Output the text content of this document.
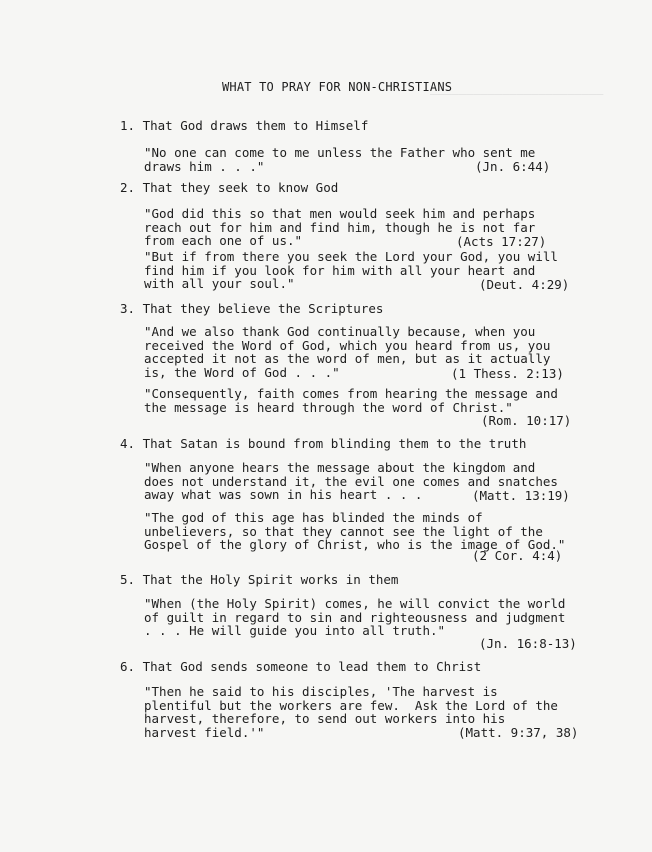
________________________
WHAT TO PRAY FOR NON-CHRISTIANS
1. That God draws them to Himself
"No one can come to me unless the Father who sent me
draws him . . ."	(Jn. 6:44)
2. That they seek to know God
"God did this so that men would seek him and perhaps
reach out for him and find him, though he is not far
from each one of us."	(Acts 17:27)
"But if from there you seek the Lord your God, you will
find him if you look for him with all your heart and
with all your soul."	(Deut. 4:29)
3. That they believe the Scriptures
"And we also thank God continually because, when you
received the Word of God, which you heard from us, you
accepted it not as the word of men, but as it actually
is, the Word of God . . ."	(1 Thess. 2:13)
"Consequently, faith comes from hearing the message and
the message is heard through the word of Christ."
(Rom. 10:17)
4. That Satan is bound from blinding them to the truth
"When anyone hears the message about the kingdom and
does not understand it, the evil one comes and snatches
away what was sown in his heart . . .	(Matt. 13:19)
"The god of this age has blinded the minds of
unbelievers, so that they cannot see the light of the
Gospel of the glory of Christ, who is the image of God."
(2 Cor. 4:4)
5. That the Holy Spirit works in them
"When (the Holy Spirit) comes, he will convict the world
of guilt in regard to sin and righteousness and judgment
. . . He will guide you into all truth."
(Jn. 16:8-13)
6. That God sends someone to lead them to Christ
"Then he said to his disciples, 'The harvest is
plentiful but the workers are few.  Ask the Lord of the
harvest, therefore, to send out workers into his
harvest field.'"	(Matt. 9:37, 38)
